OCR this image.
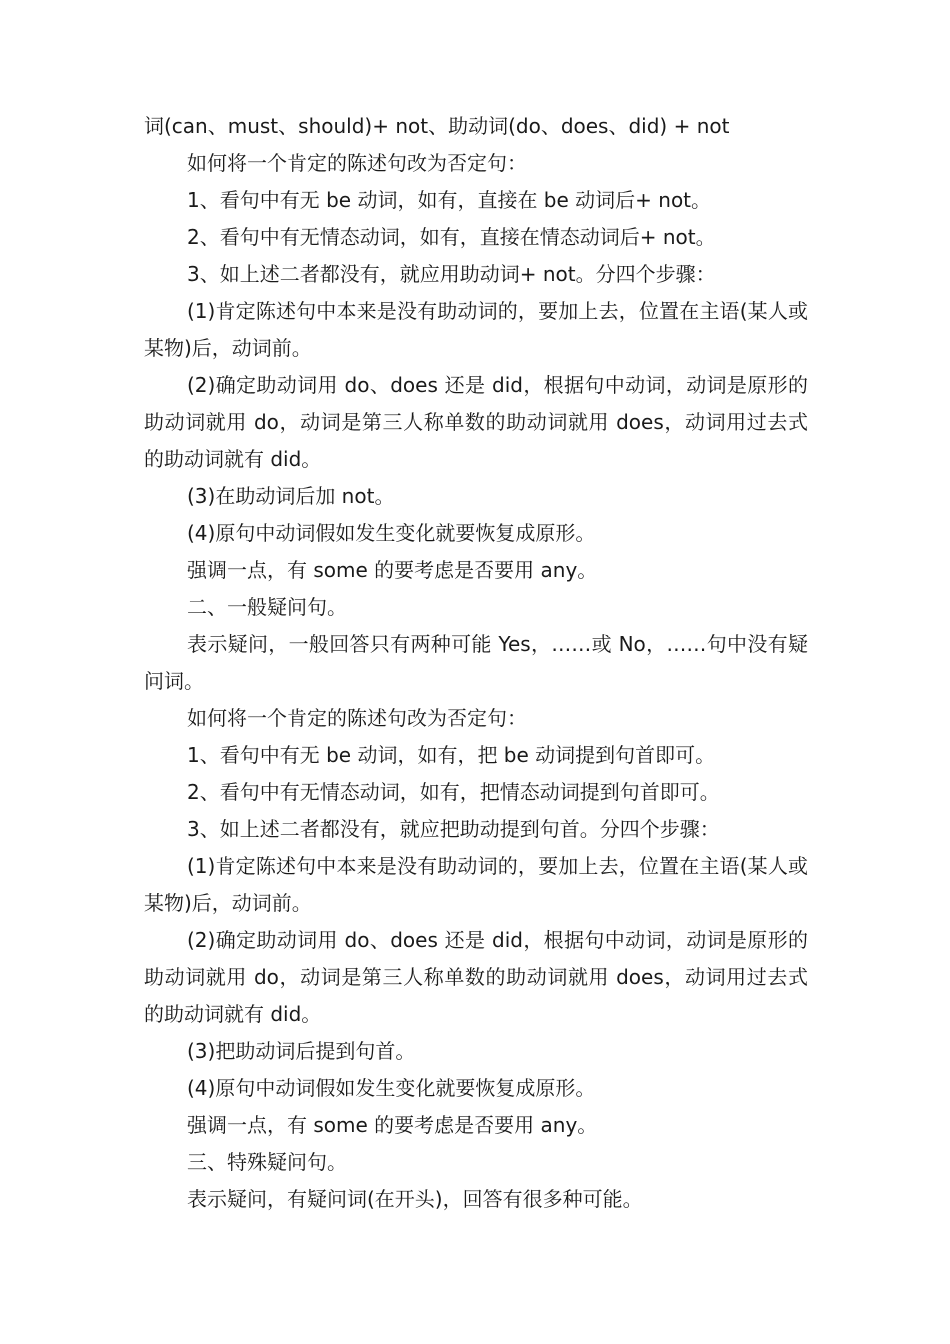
词(can、must、should)+ not、助动词(do、does、did) + not

如何将一个肯定的陈述句改为否定句：

1、看句中有无 be 动词，如有，直接在 be 动词后+ not。

2、看句中有无情态动词，如有，直接在情态动词后+ not。

3、如上述二者都没有，就应用助动词+ not。分四个步骤：

(1)肯定陈述句中本来是没有助动词的，要加上去，位置在主语(某人或某物)后，动词前。

(2)确定助动词用 do、does 还是 did，根据句中动词，动词是原形的助动词就用 do，动词是第三人称单数的助动词就用 does，动词用过去式的助动词就有 did。

(3)在助动词后加 not。

(4)原句中动词假如发生变化就要恢复成原形。

强调一点，有 some 的要考虑是否要用 any。

二、一般疑问句。

表示疑问，一般回答只有两种可能 Yes，……或 No，……句中没有疑问词。

如何将一个肯定的陈述句改为否定句：

1、看句中有无 be 动词，如有，把 be 动词提到句首即可。

2、看句中有无情态动词，如有，把情态动词提到句首即可。

3、如上述二者都没有，就应把助动提到句首。分四个步骤：

(1)肯定陈述句中本来是没有助动词的，要加上去，位置在主语(某人或某物)后，动词前。

(2)确定助动词用 do、does 还是 did，根据句中动词，动词是原形的助动词就用 do，动词是第三人称单数的助动词就用 does，动词用过去式的助动词就有 did。

(3)把助动词后提到句首。

(4)原句中动词假如发生变化就要恢复成原形。

强调一点，有 some 的要考虑是否要用 any。

三、特殊疑问句。

表示疑问，有疑问词(在开头)，回答有很多种可能。
